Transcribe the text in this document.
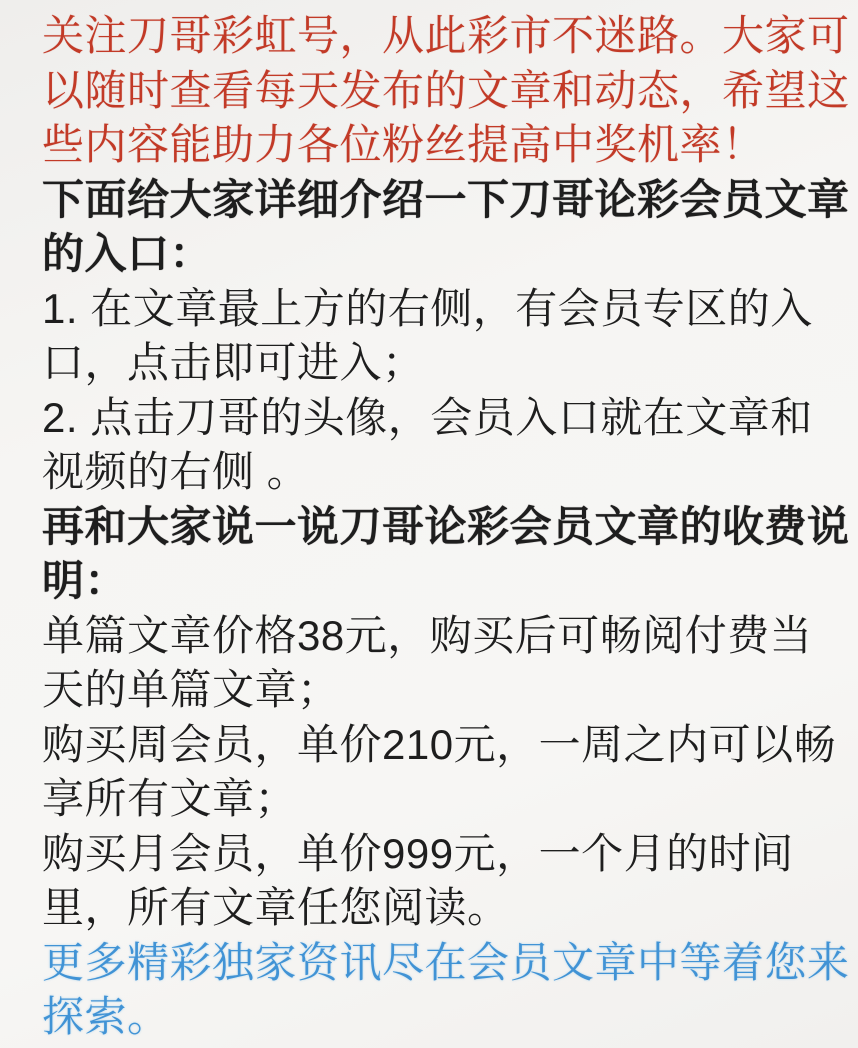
关注刀哥彩虹号，从此彩市不迷路。大家可
以随时查看每天发布的文章和动态，希望这
些内容能助力各位粉丝提高中奖机率！
下面给大家详细介绍一下刀哥论彩会员文章
的入口：
1. 在文章最上方的右侧，有会员专区的入
口，点击即可进入；
2. 点击刀哥的头像，会员入口就在文章和
视频的右侧 。
再和大家说一说刀哥论彩会员文章的收费说
明：
单篇文章价格38元，购买后可畅阅付费当
天的单篇文章；
购买周会员，单价210元，一周之内可以畅
享所有文章；
购买月会员，单价999元，一个月的时间
里，所有文章任您阅读。
更多精彩独家资讯尽在会员文章中等着您来
探索。
